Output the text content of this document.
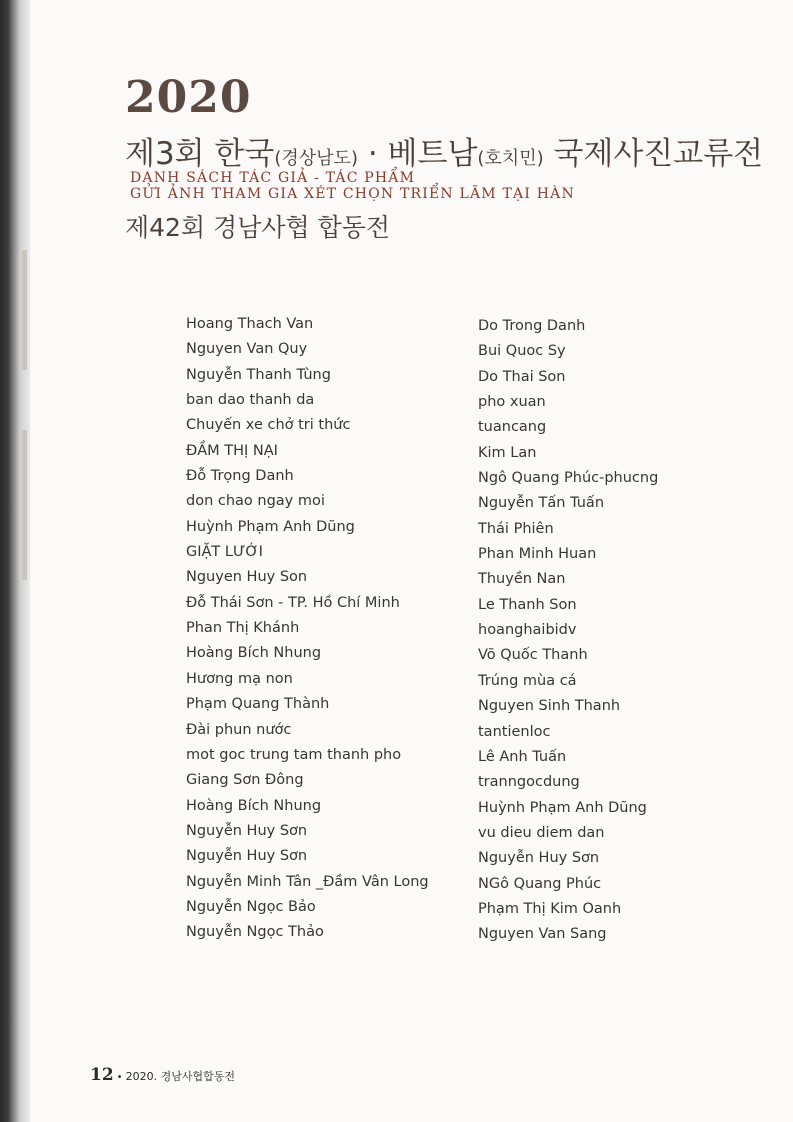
2020
제3회 한국(경상남도) · 베트남(호치민) 국제사진교류전
DANH SÁCH TÁC GIẢ - TÁC PHẨM
GỬI ẢNH THAM GIA XÉT CHỌN TRIỂN LÃM TẠI HÀN
제42회 경남사협 합동전
Hoang Thach Van
Nguyen Van Quy
Nguyễn Thanh Tùng
ban dao thanh da
Chuyến xe chở tri thức
ĐẦM THỊ NẠI
Đỗ Trọng Danh
don chao ngay moi
Huỳnh Phạm Anh Dũng
GIẶT LƯỚI
Nguyen Huy Son
Đỗ Thái Sơn - TP. Hồ Chí Minh
Phan Thị Khánh
Hoàng Bích Nhung
Hương mạ non
Phạm Quang Thành
Đài phun nước
mot goc trung tam thanh pho
Giang Sơn Đông
Hoàng Bích Nhung
Nguyễn Huy Sơn
Nguyễn Huy Sơn
Nguyễn Minh Tân _Đầm Vân Long
Nguyễn Ngọc Bảo
Nguyễn Ngọc Thảo
Do Trong Danh
Bui Quoc Sy
Do Thai Son
pho xuan
tuancang
Kim Lan
Ngô Quang Phúc-phucng
Nguyễn Tấn Tuấn
Thái Phiên
Phan Minh Huan
Thuyền Nan
Le Thanh Son
hoanghaibidv
Võ Quốc Thanh
Trúng mùa cá
Nguyen Sinh Thanh
tantienloc
Lê Anh Tuấn
tranngocdung
Huỳnh Phạm Anh Dũng
vu dieu diem dan
Nguyễn Huy Sơn
NGô Quang Phúc
Phạm Thị Kim Oanh
Nguyen Van Sang
12 • 2020. 경남사협합동전
